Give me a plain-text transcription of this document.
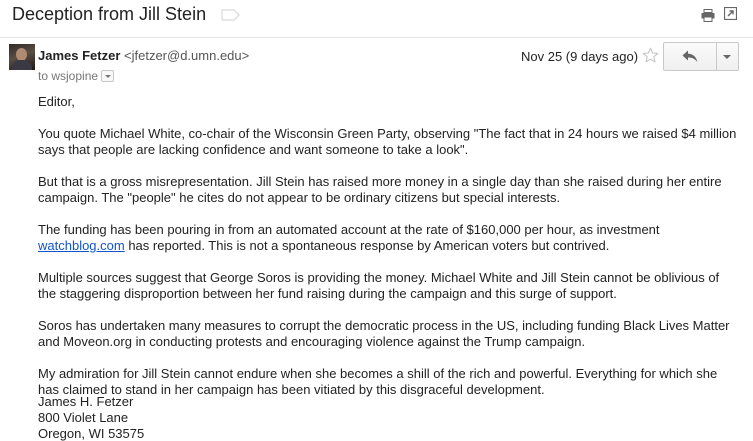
Deception from Jill Stein
James Fetzer <jfetzer@d.umn.edu>
to wsjopine
Nov 25 (9 days ago)

Editor,

You quote Michael White, co-chair of the Wisconsin Green Party, observing "The fact that in 24 hours we raised $4 million says that people are lacking confidence and want someone to take a look".

But that is a gross misrepresentation. Jill Stein has raised more money in a single day than she raised during her entire campaign. The "people" he cites do not appear to be ordinary citizens but special interests.

The funding has been pouring in from an automated account at the rate of $160,000 per hour, as investment watchblog.com has reported. This is not a spontaneous response by American voters but contrived.

Multiple sources suggest that George Soros is providing the money. Michael White and Jill Stein cannot be oblivious of the staggering disproportion between her fund raising during the campaign and this surge of support.

Soros has undertaken many measures to corrupt the democratic process in the US, including funding Black Lives Matter and Moveon.org in conducting protests and encouraging violence against the Trump campaign.

My admiration for Jill Stein cannot endure when she becomes a shill of the rich and powerful. Everything for which she has claimed to stand in her campaign has been vitiated by this disgraceful development.

James H. Fetzer
800 Violet Lane
Oregon, WI 53575
